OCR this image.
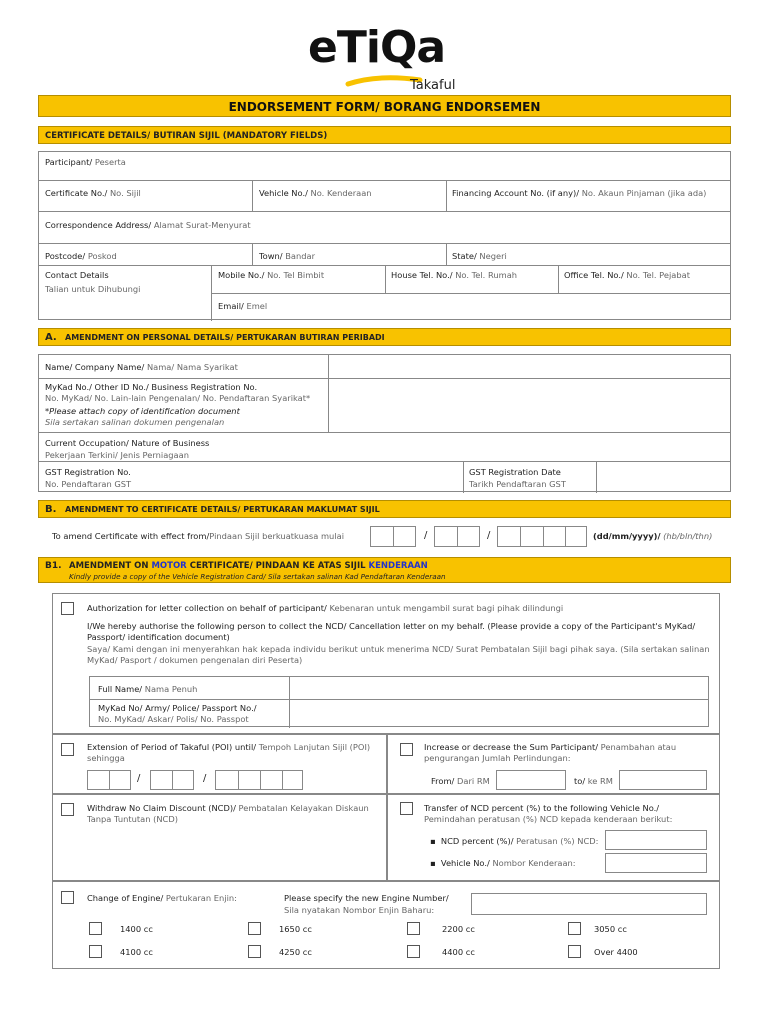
eTiQa
Takaful
ENDORSEMENT FORM/ BORANG ENDORSEMEN
CERTIFICATE DETAILS/ BUTIRAN SIJIL (MANDATORY FIELDS)
Participant/ Peserta
Certificate No./ No. Sijil	Vehicle No./ No. Kenderaan	Financing Account No. (if any)/ No. Akaun Pinjaman (jika ada)
Correspondence Address/ Alamat Surat-Menyurat
Postcode/ Poskod	Town/ Bandar	State/ Negeri
Contact Details
Talian untuk Dihubungi
Mobile No./ No. Tel Bimbit	House Tel. No./ No. Tel. Rumah	Office Tel. No./ No. Tel. Pejabat
Email/ Emel
A. AMENDMENT ON PERSONAL DETAILS/ PERTUKARAN BUTIRAN PERIBADI
Name/ Company Name/ Nama/ Nama Syarikat
MyKad No./ Other ID No./ Business Registration No.
No. MyKad/ No. Lain-lain Pengenalan/ No. Pendaftaran Syarikat*
*Please attach copy of identification document
Sila sertakan salinan dokumen pengenalan
Current Occupation/ Nature of Business
Pekerjaan Terkini/ Jenis Perniagaan
GST Registration No.
No. Pendaftaran GST
GST Registration Date
Tarikh Pendaftaran GST
B. AMENDMENT TO CERTIFICATE DETAILS/ PERTUKARAN MAKLUMAT SIJIL
To amend Certificate with effect from/Pindaan Sijil berkuatkuasa mulai	/	/	(dd/mm/yyyy)/ (hb/bln/thn)
B1. AMENDMENT ON MOTOR CERTIFICATE/ PINDAAN KE ATAS SIJIL KENDERAAN
Kindly provide a copy of the Vehicle Registration Card/ Sila sertakan salinan Kad Pendaftaran Kenderaan
Authorization for letter collection on behalf of participant/ Kebenaran untuk mengambil surat bagi pihak dilindungi
I/We hereby authorise the following person to collect the NCD/ Cancellation letter on my behalf. (Please provide a copy of the Participant's MyKad/ Passport/ identification document)
Saya/ Kami dengan ini menyerahkan hak kepada individu berikut untuk menerima NCD/ Surat Pembatalan Sijil bagi pihak saya. (Sila sertakan salinan MyKad/ Pasport / dokumen pengenalan diri Peserta)
Full Name/ Nama Penuh
MyKad No/ Army/ Police/ Passport No./
No. MyKad/ Askar/ Polis/ No. Passpot
Extension of Period of Takaful (POI) until/ Tempoh Lanjutan Sijil (POI) sehingga
/	/
Increase or decrease the Sum Participant/ Penambahan atau pengurangan Jumlah Perlindungan:
From/ Dari RM	to/ ke RM
Withdraw No Claim Discount (NCD)/ Pembatalan Kelayakan Diskaun Tanpa Tuntutan (NCD)
Transfer of NCD percent (%) to the following Vehicle No./
Pemindahan peratusan (%) NCD kepada kenderaan berikut:
▪ NCD percent (%)/ Peratusan (%) NCD:
▪ Vehicle No./ Nombor Kenderaan:
Change of Engine/ Pertukaran Enjin:	Please specify the new Engine Number/
Sila nyatakan Nombor Enjin Baharu:
1400 cc	1650 cc	2200 cc	3050 cc
4100 cc	4250 cc	4400 cc	Over 4400
